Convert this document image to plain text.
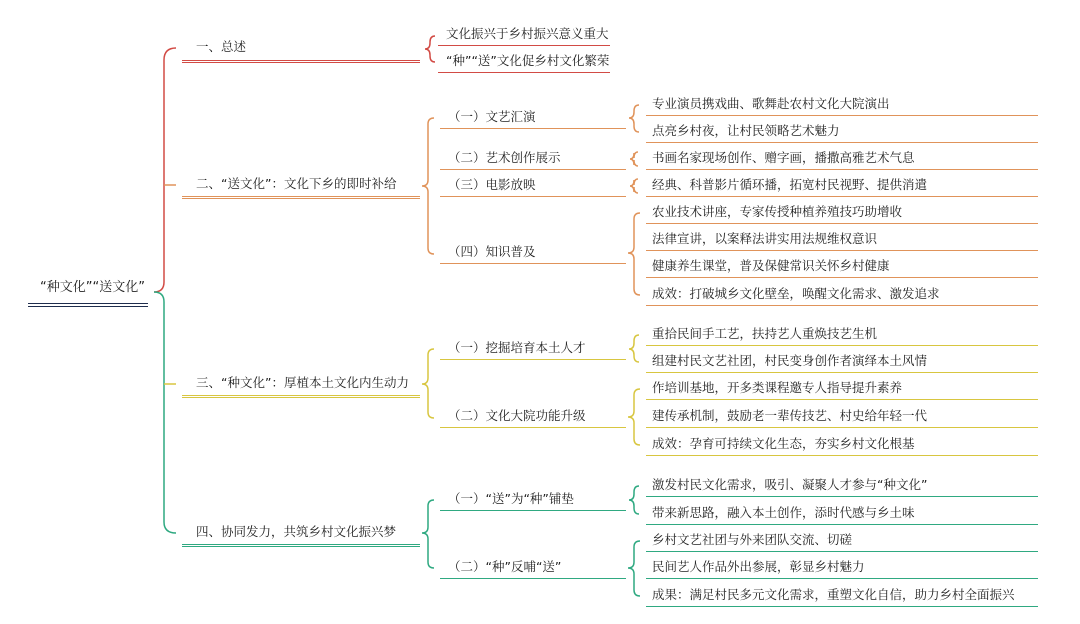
“种文化”“送文化”
一、总述
文化振兴于乡村振兴意义重大
“种”“送”文化促乡村文化繁荣
二、“送文化”：文化下乡的即时补给
（一）文艺汇演
专业演员携戏曲、歌舞赴农村文化大院演出
点亮乡村夜，让村民领略艺术魅力
（二）艺术创作展示	书画名家现场创作、赠字画，播撒高雅艺术气息
（三）电影放映	经典、科普影片循环播，拓宽村民视野、提供消遣
（四）知识普及
农业技术讲座，专家传授种植养殖技巧助增收
法律宣讲，以案释法讲实用法规维权意识
健康养生课堂，普及保健常识关怀乡村健康
成效：打破城乡文化壁垒，唤醒文化需求、激发追求
三、“种文化”：厚植本土文化内生动力
（一）挖掘培育本土人才
重拾民间手工艺，扶持艺人重焕技艺生机
组建村民文艺社团，村民变身创作者演绎本土风情
（二）文化大院功能升级
作培训基地，开多类课程邀专人指导提升素养
建传承机制，鼓励老一辈传技艺、村史给年轻一代
成效：孕育可持续文化生态，夯实乡村文化根基
四、协同发力，共筑乡村文化振兴梦
（一）“送”为“种”铺垫
激发村民文化需求，吸引、凝聚人才参与“种文化”
带来新思路，融入本土创作，添时代感与乡土味
（二）“种”反哺“送”
乡村文艺社团与外来团队交流、切磋
民间艺人作品外出参展，彰显乡村魅力
成果：满足村民多元文化需求，重塑文化自信，助力乡村全面振兴
